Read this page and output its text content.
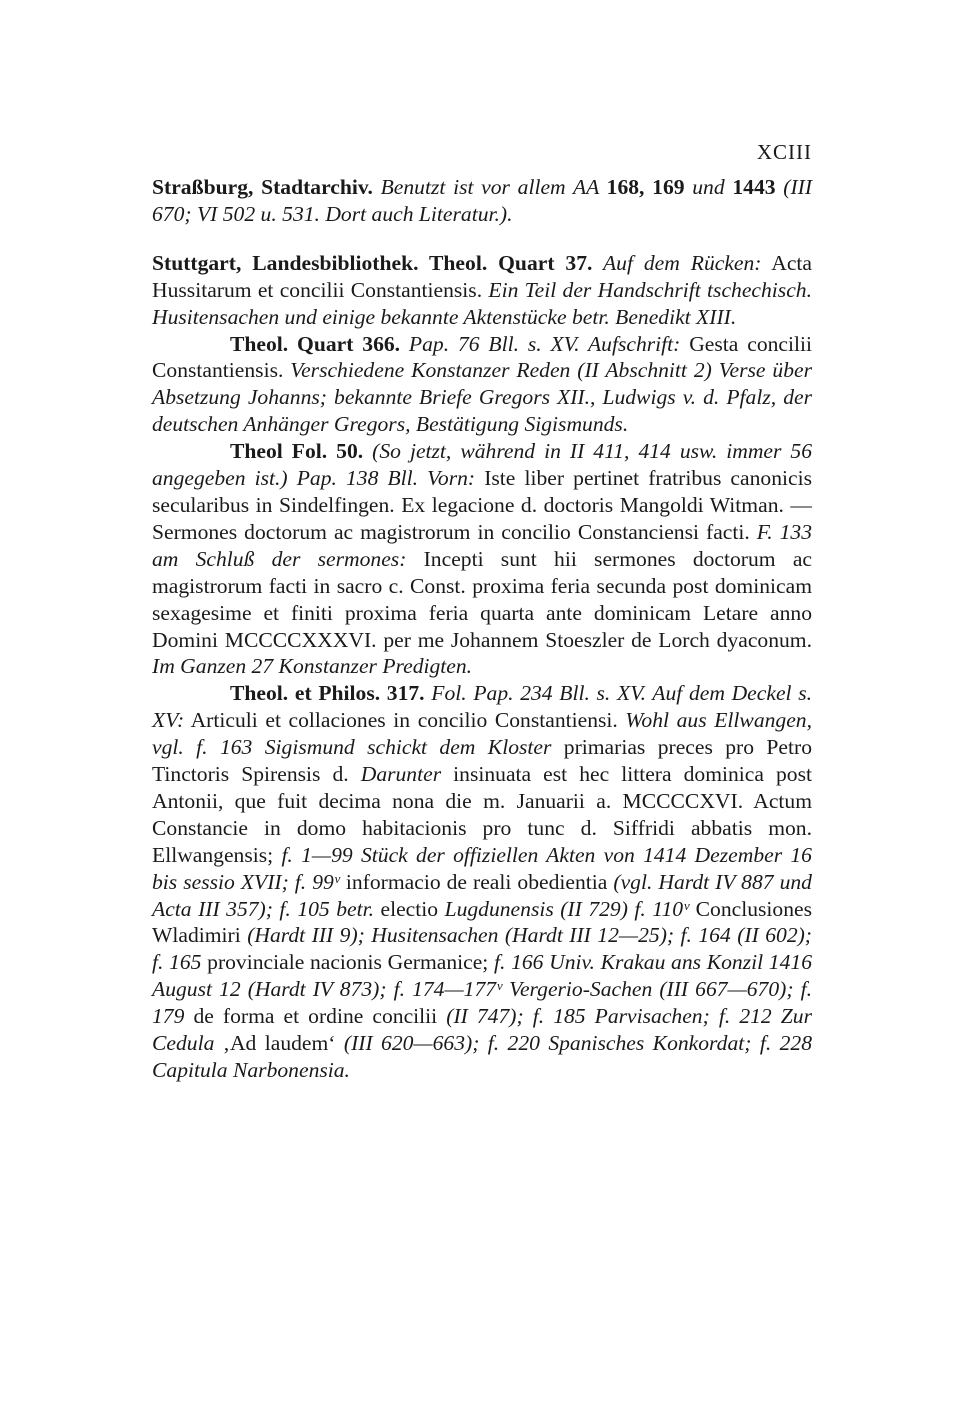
XCIII

Straßburg, Stadtarchiv. Benutzt ist vor allem AA 168, 169 und 1443 (III 670; VI 502 u. 531. Dort auch Literatur.).

Stuttgart, Landesbibliothek. Theol. Quart 37. Auf dem Rücken: Acta Hussitarum et concilii Constantiensis. Ein Teil der Handschrift tschechisch. Husitensachen und einige bekannte Aktenstücke betr. Benedikt XIII.

Theol. Quart 366. Pap. 76 Bll. s. XV. Aufschrift: Gesta concilii Constantiensis. Verschiedene Konstanzer Reden (II Abschnitt 2) Verse über Absetzung Johanns; bekannte Briefe Gregors XII., Ludwigs v. d. Pfalz, der deutschen Anhänger Gregors, Bestätigung Sigismunds.

Theol Fol. 50. (So jetzt, während in II 411, 414 usw. immer 56 angegeben ist.) Pap. 138 Bll. Vorn: Iste liber pertinet fratribus canonicis secularibus in Sindelfingen. Ex legacione d. doctoris Mangoldi Witman. — Sermones doctorum ac magistrorum in concilio Constanciensi facti. F. 133 am Schluß der sermones: Incepti sunt hii sermones doctorum ac magistrorum facti in sacro c. Const. proxima feria secunda post dominicam sexagesime et finiti proxima feria quarta ante dominicam Letare anno Domini MCCCCXXXVI. per me Johannem Stoeszler de Lorch dyaconum. Im Ganzen 27 Konstanzer Predigten.

Theol. et Philos. 317. Fol. Pap. 234 Bll. s. XV. Auf dem Deckel s. XV: Articuli et collaciones in concilio Constantiensi. Wohl aus Ellwangen, vgl. f. 163 Sigismund schickt dem Kloster primarias preces pro Petro Tinctoris Spirensis d. Darunter insinuata est hec littera dominica post Antonii, que fuit decima nona die m. Januarii a. MCCCCXVI. Actum Constancie in domo habitacionis pro tunc d. Siffridi abbatis mon. Ellwangensis; f. 1—99 Stück der offiziellen Akten von 1414 Dezember 16 bis sessio XVII; f. 99ᵛ informacio de reali obedientia (vgl. Hardt IV 887 und Acta III 357); f. 105 betr. electio Lugdunensis (II 729) f. 110ᵛ Conclusiones Wladimiri (Hardt III 9); Husitensachen (Hardt III 12—25); f. 164 (II 602); f. 165 provinciale nacionis Germanice; f. 166 Univ. Krakau ans Konzil 1416 August 12 (Hardt IV 873); f. 174—177ᵛ Vergerio-Sachen (III 667—670); f. 179 de forma et ordine concilii (II 747); f. 185 Parvisachen; f. 212 Zur Cedula ‚Ad laudem‘ (III 620—663); f. 220 Spanisches Konkordat; f. 228 Capitula Narbonensia.
